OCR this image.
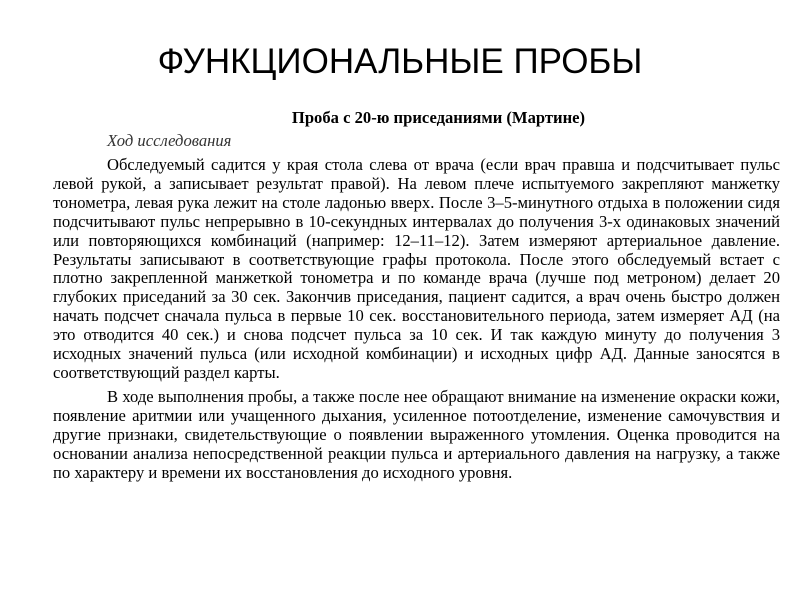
ФУНКЦИОНАЛЬНЫЕ ПРОБЫ

Проба с 20-ю приседаниями (Мартине)

Ход исследования

Обследуемый садится у края стола слева от врача (если врач правша и подсчитывает пульс левой рукой, а записывает результат правой). На левом плече испытуемого закрепляют манжетку тонометра, левая рука лежит на столе ладонью вверх. После 3–5-минутного отдыха в положении сидя подсчитывают пульс непрерывно в 10-секундных интервалах до получения 3-х одинаковых значений или повторяющихся комбинаций (например: 12–11–12). Затем измеряют артериальное давление. Результаты записывают в соответствующие графы протокола. После этого обследуемый встает с плотно закрепленной манжеткой тонометра и по команде врача (лучше под метроном) делает 20 глубоких приседаний за 30 сек. Закончив приседания, пациент садится, а врач очень быстро должен начать подсчет сначала пульса в первые 10 сек. восстановительного периода, затем измеряет АД (на это отводится 40 сек.) и снова подсчет пульса за 10 сек. И так каждую минуту до получения 3 исходных значений пульса (или исходной комбинации) и исходных цифр АД. Данные заносятся в соответствующий раздел карты.

В ходе выполнения пробы, а также после нее обращают внимание на изменение окраски кожи, появление аритмии или учащенного дыхания, усиленное потоотделение, изменение самочувствия и другие признаки, свидетельствующие о появлении выраженного утомления. Оценка проводится на основании анализа непосредственной реакции пульса и артериального давления на нагрузку, а также по характеру и времени их восстановления до исходного уровня.
